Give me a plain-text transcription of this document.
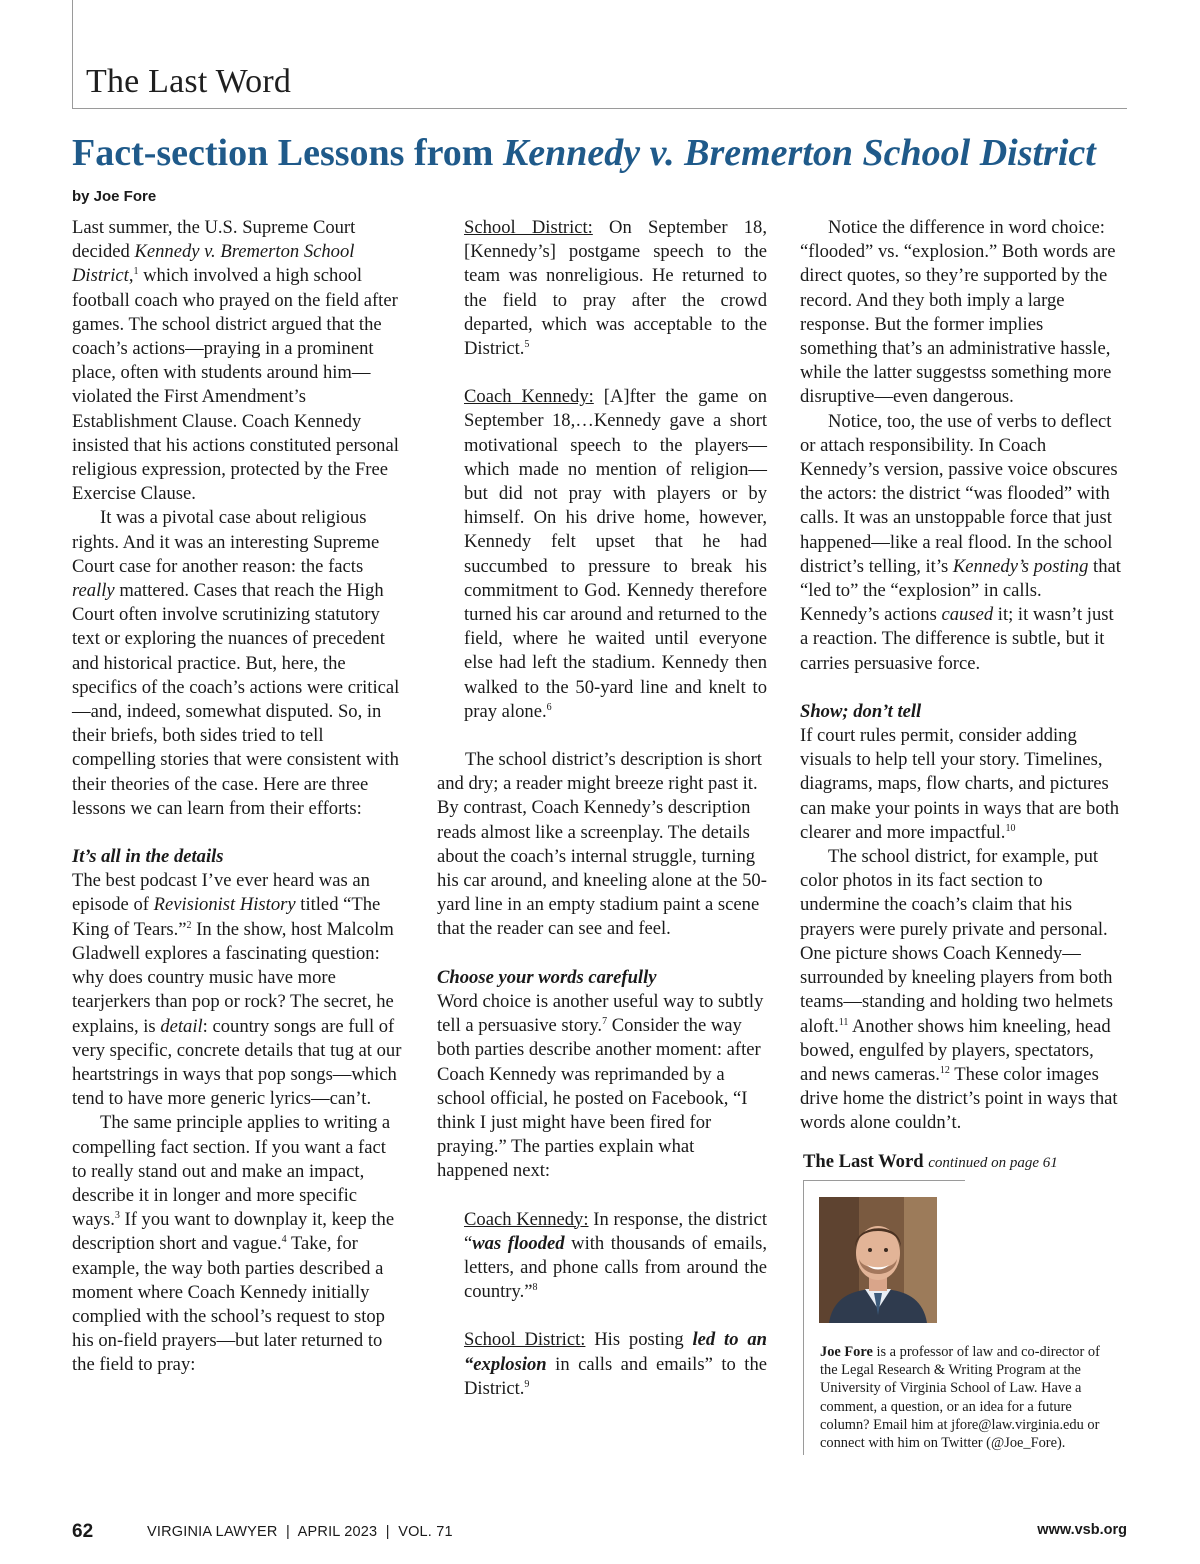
The Last Word
Fact-section Lessons from Kennedy v. Bremerton School District
by Joe Fore

Last summer, the U.S. Supreme Court decided Kennedy v. Bremerton School District,$^1$ which involved a high school football coach who prayed on the field after games. The school district argued that the coach’s actions—praying in a prominent place, often with students around him—violated the First Amendment’s Establishment Clause. Coach Kennedy insisted that his actions constituted personal religious expression, protected by the Free Exercise Clause.

It was a pivotal case about religious rights. And it was an interesting Supreme Court case for another reason: the facts really mattered. Cases that reach the High Court often involve scrutinizing statutory text or exploring the nuances of precedent and historical practice. But, here, the specifics of the coach’s actions were critical—and, indeed, somewhat disputed. So, in their briefs, both sides tried to tell compelling stories that were consistent with their theories of the case. Here are three lessons we can learn from their efforts:

It’s all in the details

The best podcast I’ve ever heard was an episode of Revisionist History titled “The King of Tears.”$^2$ In the show, host Malcolm Gladwell explores a fascinating question: why does country music have more tearjerkers than pop or rock? The secret, he explains, is detail: country songs are full of very specific, concrete details that tug at our heartstrings in ways that pop songs—which tend to have more generic lyrics—can’t.

The same principle applies to writing a compelling fact section. If you want a fact to really stand out and make an impact, describe it in longer and more specific ways.$^3$ If you want to downplay it, keep the description short and vague.$^4$ Take, for example, the way both parties described a moment where Coach Kennedy initially complied with the school’s request to stop his on-field prayers—but later returned to the field to pray:

School District: On September 18, [Kennedy’s] postgame speech to the team was nonreligious. He returned to the field to pray after the crowd departed, which was acceptable to the District.$^5$

Coach Kennedy: [A]fter the game on September 18,…Kennedy gave a short motivational speech to the players—which made no mention of religion—but did not pray with players or by himself. On his drive home, however, Kennedy felt upset that he had succumbed to pressure to break his commitment to God. Kennedy therefore turned his car around and returned to the field, where he waited until everyone else had left the stadium. Kennedy then walked to the 50-yard line and knelt to pray alone.$^6$

The school district’s description is short and dry; a reader might breeze right past it. By contrast, Coach Kennedy’s description reads almost like a screenplay. The details about the coach’s internal struggle, turning his car around, and kneeling alone at the 50-yard line in an empty stadium paint a scene that the reader can see and feel.

Choose your words carefully

Word choice is another useful way to subtly tell a persuasive story.$^7$ Consider the way both parties describe another moment: after Coach Kennedy was reprimanded by a school official, he posted on Facebook, “I think I just might have been fired for praying.” The parties explain what happened next:

Coach Kennedy: In response, the district “was flooded with thousands of emails, letters, and phone calls from around the country.”$^8$

School District: His posting led to an “explosion in calls and emails” to the District.$^9$

Notice the difference in word choice: “flooded” vs. “explosion.” Both words are direct quotes, so they’re supported by the record. And they both imply a large response. But the former implies something that’s an administrative hassle, while the latter suggestss something more disruptive—even dangerous.

Notice, too, the use of verbs to deflect or attach responsibility. In Coach Kennedy’s version, passive voice obscures the actors: the district “was flooded” with calls. It was an unstoppable force that just happened—like a real flood. In the school district’s telling, it’s Kennedy’s posting that “led to” the “explosion” in calls. Kennedy’s actions caused it; it wasn’t just a reaction. The difference is subtle, but it carries persuasive force.

Show; don’t tell

If court rules permit, consider adding visuals to help tell your story. Timelines, diagrams, maps, flow charts, and pictures can make your points in ways that are both clearer and more impactful.$^{10}$

The school district, for example, put color photos in its fact section to undermine the coach’s claim that his prayers were purely private and personal. One picture shows Coach Kennedy—surrounded by kneeling players from both teams—standing and holding two helmets aloft.$^{11}$ Another shows him kneeling, head bowed, engulfed by players, spectators, and news cameras.$^{12}$ These color images drive home the district’s point in ways that words alone couldn’t.

The Last Word continued on page 61
Joe Fore is a professor of law and co-director of the Legal Research & Writing Program at the University of Virginia School of Law. Have a comment, a question, or an idea for a future column? Email him at jfore@law.virginia.edu or connect with him on Twitter (@Joe_Fore).
62	VIRGINIA LAWYER  |  APRIL 2023  |  VOL. 71	www.vsb.org
